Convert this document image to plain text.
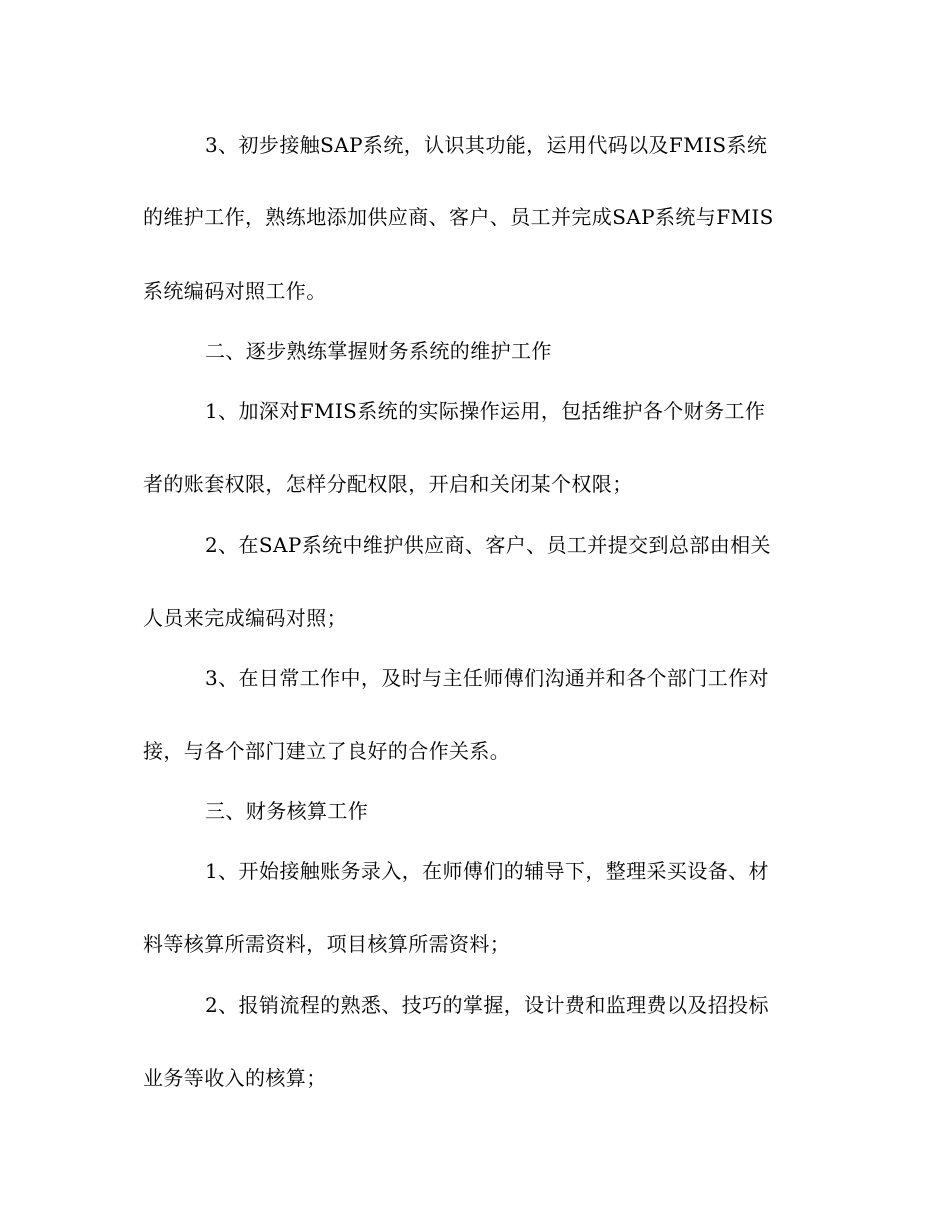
3、初步接触SAP系统，认识其功能，运用代码以及FMIS系统
的维护工作，熟练地添加供应商、客户、员工并完成SAP系统与FMIS
系统编码对照工作。
二、逐步熟练掌握财务系统的维护工作
1、加深对FMIS系统的实际操作运用，包括维护各个财务工作
者的账套权限，怎样分配权限，开启和关闭某个权限；
2、在SAP系统中维护供应商、客户、员工并提交到总部由相关
人员来完成编码对照；
3、在日常工作中，及时与主任师傅们沟通并和各个部门工作对
接，与各个部门建立了良好的合作关系。
三、财务核算工作
1、开始接触账务录入，在师傅们的辅导下，整理采买设备、材
料等核算所需资料，项目核算所需资料；
2、报销流程的熟悉、技巧的掌握，设计费和监理费以及招投标
业务等收入的核算；
